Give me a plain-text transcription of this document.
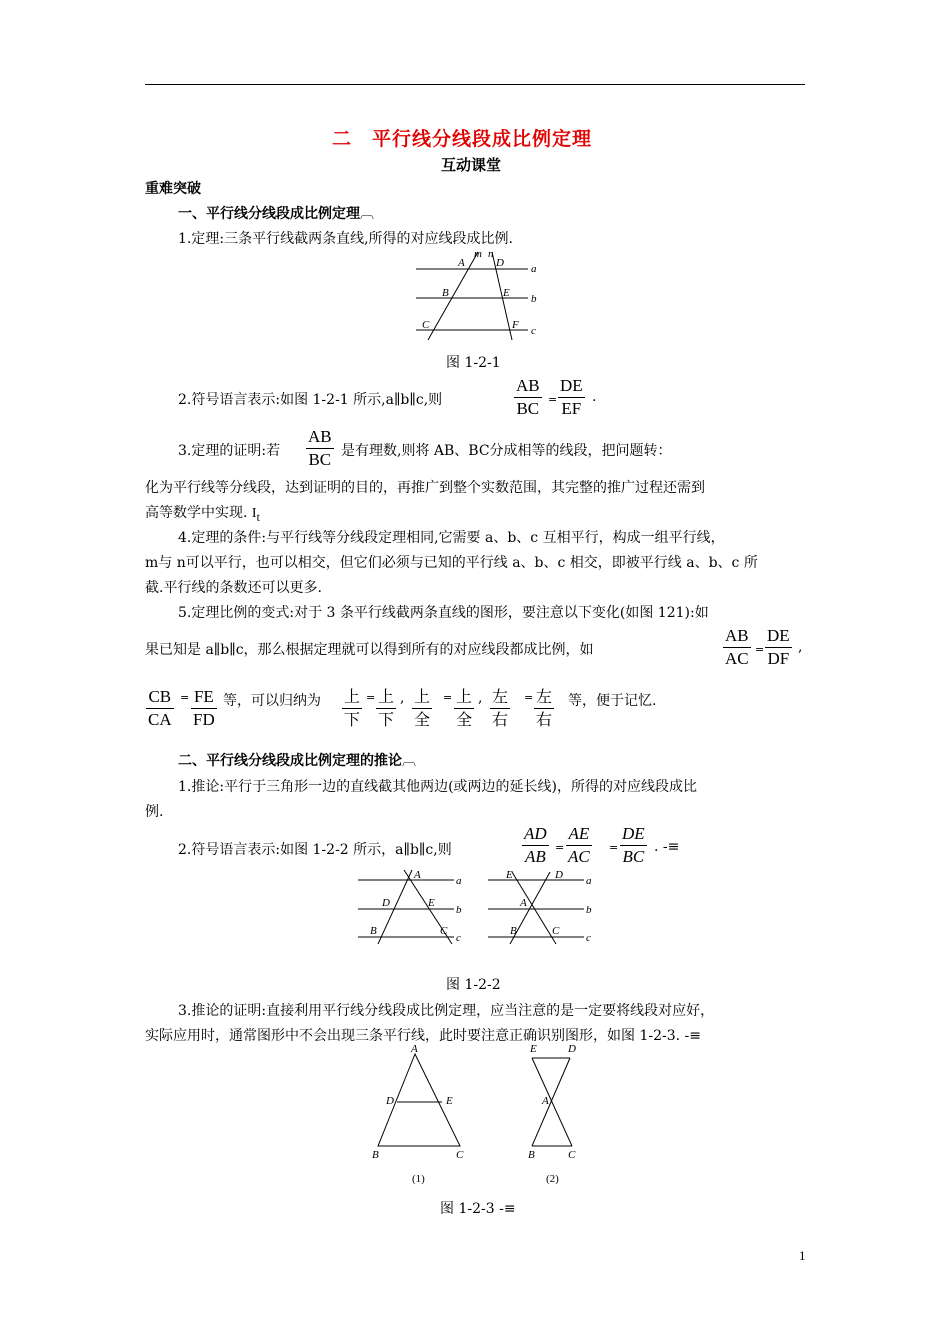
二　平行线分线段成比例定理
互动课堂
重难突破
一、平行线分线段成比例定理︹
1.定理:三条平行线截两条直线,所得的对应线段成比例.
m n
A	D a
B	E b
C	F c
图 1-2-1
2.符号语言表示:如图 1-2-1 所示,a∥b∥c,则	$\frac{AB}{BC} = \frac{DE}{EF}$ .
3.定理的证明:若 $\frac{AB}{BC}$ 是有理数,则将 AB、BC分成相等的线段，把问题转：
化为平行线等分线段，达到证明的目的，再推广到整个实数范围，其完整的推广过程还需到
高等数学中实现. $I_t$
4.定理的条件:与平行线等分线段定理相同,它需要 a、b、c 互相平行，构成一组平行线，
m与 n可以平行，也可以相交，但它们必须与已知的平行线 a、b、c 相交，即被平行线 a、b、c 所
截.平行线的条数还可以更多.
5.定理比例的变式:对于 3 条平行线截两条直线的图形，要注意以下变化(如图 121):如
果已知是 a∥b∥c，那么根据定理就可以得到所有的对应线段都成比例，如	$\frac{AB}{AC} = \frac{DE}{DF}$ ,
$\frac{CB}{CA} = \frac{FE}{FD}$ 等，可以归纳为 上
下
= 上
下
, 上
全
= 上
全
, 左
右
= 左
右
等，便于记忆.
二、平行线分线段成比例定理的推论︹
1.推论:平行于三角形一边的直线截其他两边(或两边的延长线)，所得的对应线段成比
例.
2.符号语言表示:如图 1-2-2 所示，a∥b∥c,则	$\frac{AD}{AB} = \frac{AE}{AC} = \frac{DE}{BC}$ . -≡
A	a
D	E
b
B	C
c
E	D a
A
b
B	C
c
图 1-2-2
3.推论的证明:直接利用平行线分线段成比例定理，应当注意的是一定要将线段对应好，
实际应用时，通常图形中不会出现三条平行线，此时要注意正确识别图形，如图 1-2-3. -≡
A
D	E
B	C
(1)
E	D
A
B	C
(2)
图 1-2-3 -≡
1
